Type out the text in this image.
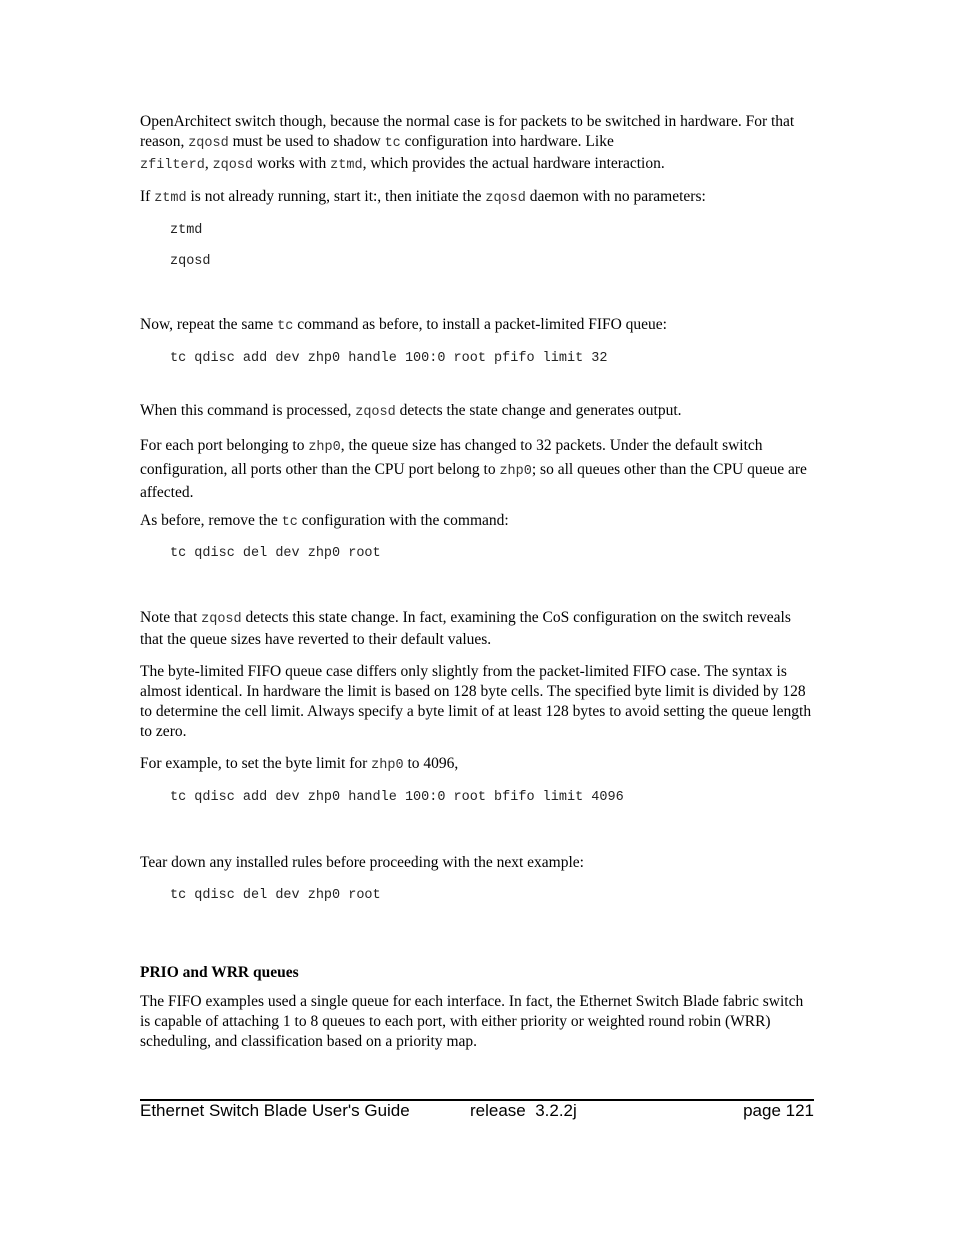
OpenArchitect switch though, because the normal case is for packets to be switched in hardware. For that reason, zqosd must be used to shadow tc configuration into hardware. Like
zfilterd, zqosd works with ztmd, which provides the actual hardware interaction.
If ztmd is not already running, start it:, then initiate the zqosd daemon with no parameters:
ztmd
zqosd
Now, repeat the same tc command as before, to install a packet-limited FIFO queue:
tc qdisc add dev zhp0 handle 100:0 root pfifo limit 32
When this command is processed, zqosd detects the state change and generates output.
For each port belonging to zhp0, the queue size has changed to 32 packets. Under the default switch configuration, all ports other than the CPU port belong to zhp0; so all queues other than the CPU queue are affected.
As before, remove the tc configuration with the command:
tc qdisc del dev zhp0 root
Note that zqosd detects this state change. In fact, examining the CoS configuration on the switch reveals that the queue sizes have reverted to their default values.
The byte-limited FIFO queue case differs only slightly from the packet-limited FIFO case. The syntax is almost identical. In hardware the limit is based on 128 byte cells. The specified byte limit is divided by 128 to determine the cell limit. Always specify a byte limit of at least 128 bytes to avoid setting the queue length to zero.
For example, to set the byte limit for zhp0 to 4096,
tc qdisc add dev zhp0 handle 100:0 root bfifo limit 4096
Tear down any installed rules before proceeding with the next example:
tc qdisc del dev zhp0 root
PRIO and WRR queues
The FIFO examples used a single queue for each interface. In fact, the Ethernet Switch Blade fabric switch is capable of attaching 1 to 8 queues to each port, with either priority or weighted round robin (WRR) scheduling, and classification based on a priority map.
Ethernet Switch Blade User's Guide	release  3.2.2j	page 121
